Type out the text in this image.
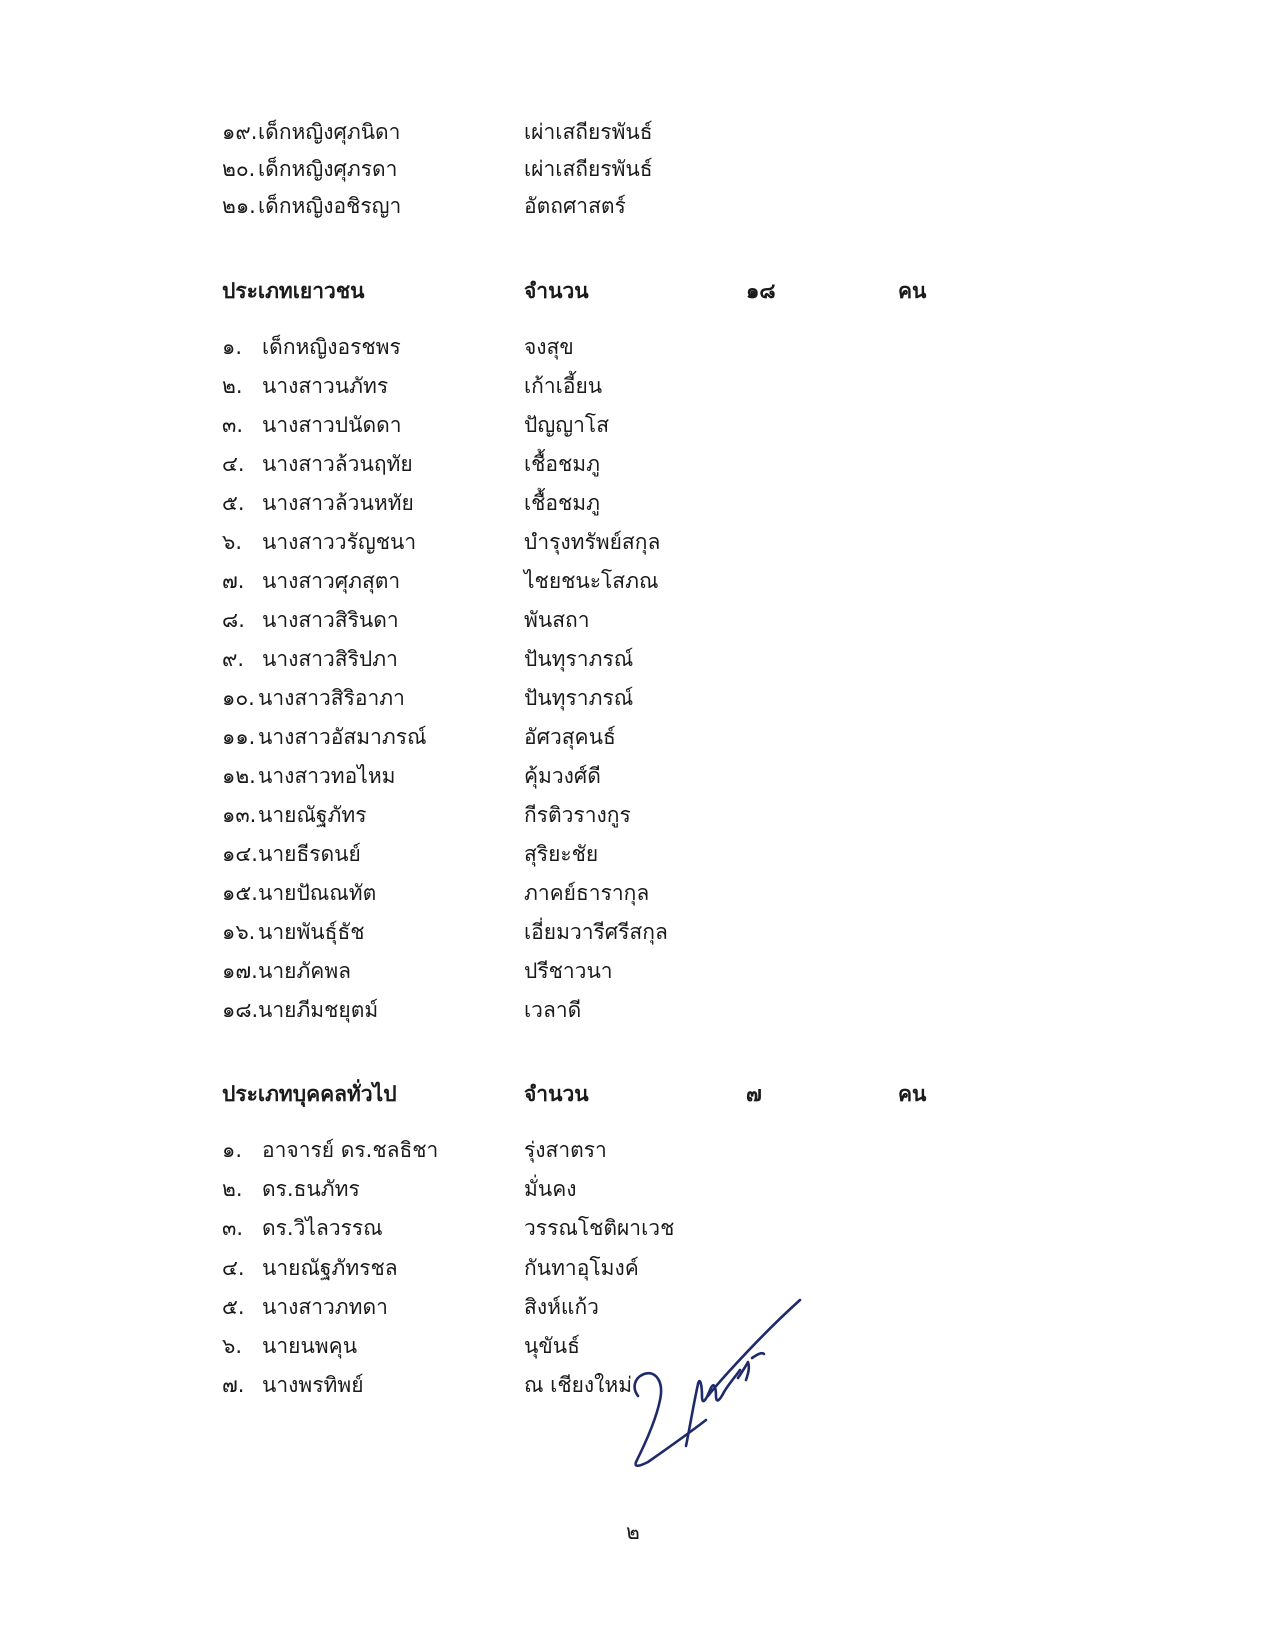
๑๙. เด็กหญิงศุภนิดา	เผ่าเสถียรพันธ์
๒๐. เด็กหญิงศุภรดา	เผ่าเสถียรพันธ์
๒๑. เด็กหญิงอชิรญา	อัตถศาสตร์
ประเภทเยาวชน	จำนวน	๑๘	คน
๑. เด็กหญิงอรชพร	จงสุข
๒. นางสาวนภัทร	เก้าเอี้ยน
๓. นางสาวปนัดดา	ปัญญาโส
๔. นางสาวล้วนฤทัย	เชื้อชมภู
๕. นางสาวล้วนหทัย	เชื้อชมภู
๖. นางสาววรัญชนา	บำรุงทรัพย์สกุล
๗. นางสาวศุภสุตา	ไชยชนะโสภณ
๘. นางสาวสิรินดา	พันสถา
๙. นางสาวสิริปภา	ปันทุราภรณ์
๑๐. นางสาวสิริอาภา	ปันทุราภรณ์
๑๑. นางสาวอัสมาภรณ์	อัศวสุคนธ์
๑๒. นางสาวทอไหม	คุ้มวงศ์ดี
๑๓. นายณัฐภัทร	กีรติวรางกูร
๑๔. นายธีรดนย์	สุริยะชัย
๑๕. นายปัณณทัต	ภาคย์ธารากุล
๑๖. นายพันธุ์ธัช	เอี่ยมวารีศรีสกุล
๑๗. นายภัคพล	ปรีชาวนา
๑๘. นายภีมชยุตม์	เวลาดี
ประเภทบุคคลทั่วไป	จำนวน	๗	คน
๑. อาจารย์ ดร.ชลธิชา	รุ่งสาตรา
๒. ดร.ธนภัทร	มั่นคง
๓. ดร.วิไลวรรณ	วรรณโชติผาเวช
๔. นายณัฐภัทรชล	กันทาอุโมงค์
๕. นางสาวภทดา	สิงห์แก้ว
๖. นายนพคุน	นุขันธ์
๗. นางพรทิพย์	ณ เชียงใหม่
๒
